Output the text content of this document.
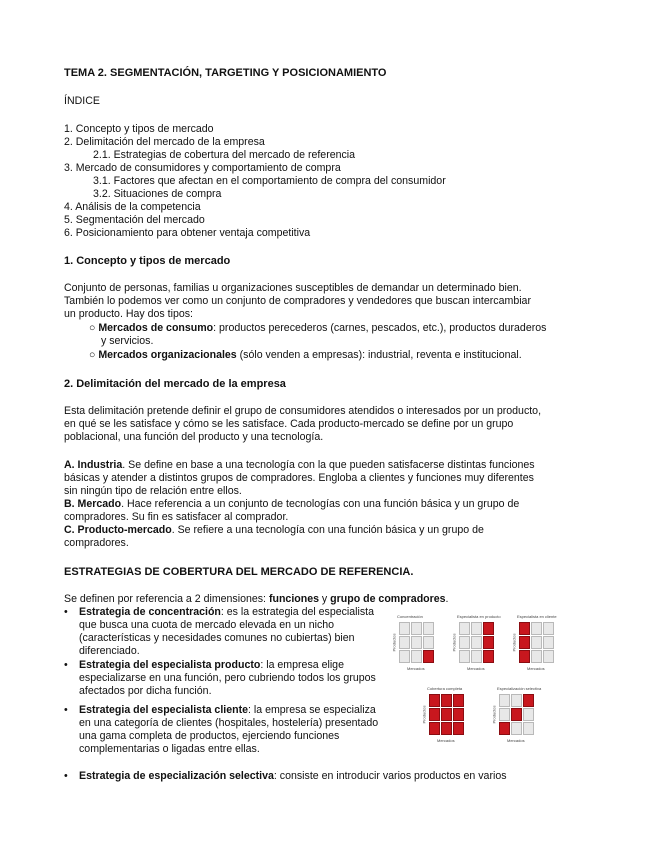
TEMA 2. SEGMENTACIÓN, TARGETING Y POSICIONAMIENTO
ÍNDICE
1. Concepto y tipos de mercado
2. Delimitación del mercado de la empresa
2.1. Estrategias de cobertura del mercado de referencia
3. Mercado de consumidores y comportamiento de compra
3.1. Factores que afectan en el comportamiento de compra del consumidor
3.2. Situaciones de compra
4. Análisis de la competencia
5. Segmentación del mercado
6. Posicionamiento para obtener ventaja competitiva
1. Concepto y tipos de mercado
Conjunto de personas, familias u organizaciones susceptibles de demandar un determinado bien.
También lo podemos ver como un conjunto de compradores y vendedores que buscan intercambiar
un producto. Hay dos tipos:
○ Mercados de consumo: productos perecederos (carnes, pescados, etc.), productos duraderos
y servicios.
○ Mercados organizacionales (sólo venden a empresas): industrial, reventa e institucional.
2. Delimitación del mercado de la empresa
Esta delimitación pretende definir el grupo de consumidores atendidos o interesados por un producto,
en qué se les satisface y cómo se les satisface. Cada producto-mercado se define por un grupo
poblacional, una función del producto y una tecnología.
A. Industria. Se define en base a una tecnología con la que pueden satisfacerse distintas funciones
básicas y atender a distintos grupos de compradores. Engloba a clientes y funciones muy diferentes
sin ningún tipo de relación entre ellos.
B. Mercado. Hace referencia a un conjunto de tecnologías con una función básica y un grupo de
compradores. Su fin es satisfacer al comprador.
C. Producto-mercado. Se refiere a una tecnología con una función básica y un grupo de
compradores.
ESTRATEGIAS DE COBERTURA DEL MERCADO DE REFERENCIA.
Se definen por referencia a 2 dimensiones: funciones y grupo de compradores.
• Estrategia de concentración: es la estrategia del especialista que busca una cuota de mercado elevada en un nicho (características y necesidades comunes no cubiertas) bien diferenciado.
• Estrategia del especialista producto: la empresa elige especializarse en una función, pero cubriendo todos los grupos afectados por dicha función.
• Estrategia del especialista cliente: la empresa se especializa en una categoría de clientes (hospitales, hostelería) presentado una gama completa de productos, ejerciendo funciones complementarias o ligadas entre ellas.
• Estrategia de especialización selectiva: consiste en introducir varios productos en varios
Concentración
Productos
Mercados
Especialista en producto
Productos
Mercados
Especialista en cliente
Productos
Mercados
Cobertura completa
Productos
Mercados
Especialización selectiva
Productos
Mercados
